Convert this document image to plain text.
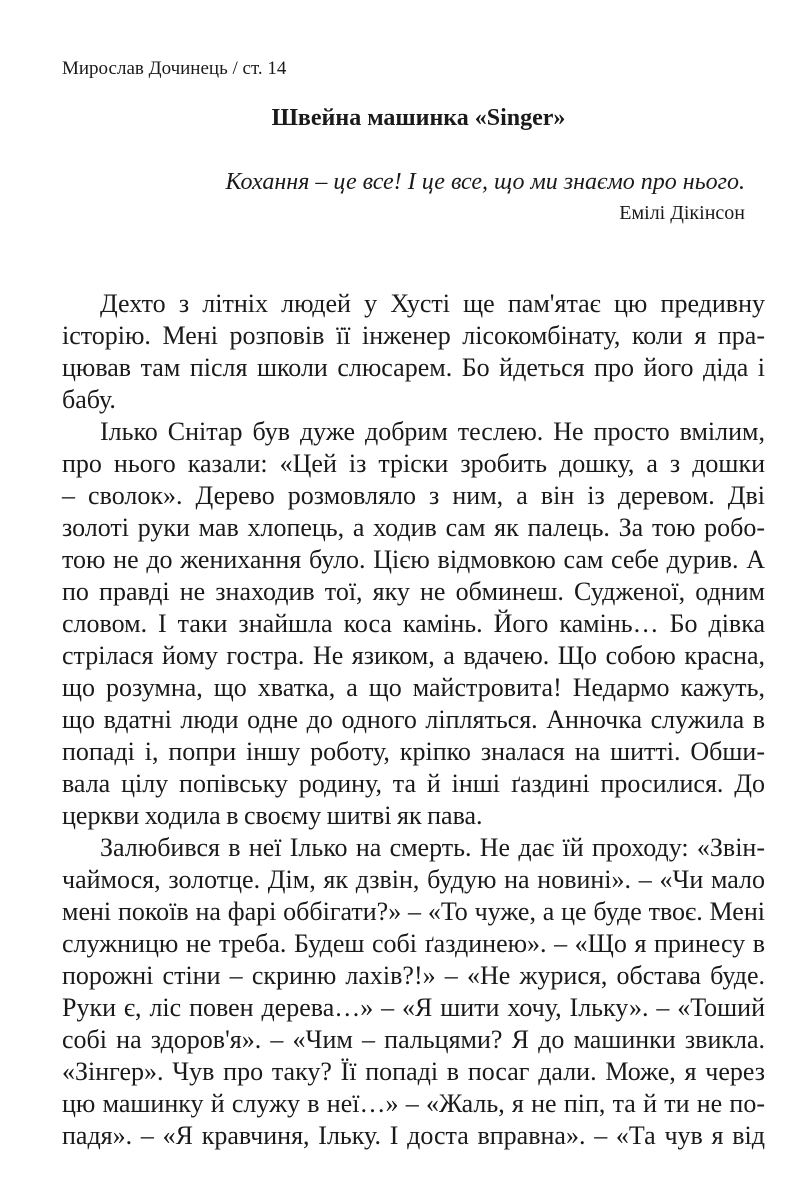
Мирослав Дочинець / ст. 14
Швейна машинка «Singer»

Кохання – це все! І це все, що ми знаємо про нього.

Емілі Дікінсон

Дехто з літніх людей у Хусті ще пам'ятає цю предивну
історію. Мені розповів її інженер лісокомбінату, коли я пра-
цював там після школи слюсарем. Бо йдеться про його діда і
бабу.
Ілько Снітар був дуже добрим теслею. Не просто вмілим,
про нього казали: «Цей із тріски зробить дошку, а з дошки
– сволок». Дерево розмовляло з ним, а він із деревом. Дві
золоті руки мав хлопець, а ходив сам як палець. За тою робо-
тою не до женихання було. Цією відмовкою сам себе дурив. А
по правді не знаходив тої, яку не обминеш. Судженої, одним
словом. І таки знайшла коса камінь. Його камінь… Бо дівка
стрілася йому гостра. Не язиком, а вдачею. Що собою красна,
що розумна, що хватка, а що майстровита! Недармо кажуть,
що вдатні люди одне до одного ліпляться. Анночка служила в
попаді і, попри іншу роботу, кріпко зналася на шитті. Обши-
вала цілу попівську родину, та й інші ґаздині просилися. До
церкви ходила в своєму шитві як пава.
Залюбився в неї Ілько на смерть. Не дає їй проходу: «Звін-
чаймося, золотце. Дім, як дзвін, будую на новині». – «Чи мало
мені покоїв на фарі оббігати?» – «То чуже, а це буде твоє. Мені
служницю не треба. Будеш собі ґаздинею». – «Що я принесу в
порожні стіни – скриню лахів?!» – «Не журися, обстава буде.
Руки є, ліс повен дерева…» – «Я шити хочу, Ільку». – «Тоший
собі на здоров'я». – «Чим – пальцями? Я до машинки звикла.
«Зінгер». Чув про таку? Її попаді в посаг дали. Може, я через
цю машинку й служу в неї…» – «Жаль, я не піп, та й ти не по-
падя». – «Я кравчиня, Ільку. І доста вправна». – «Та чув я від
